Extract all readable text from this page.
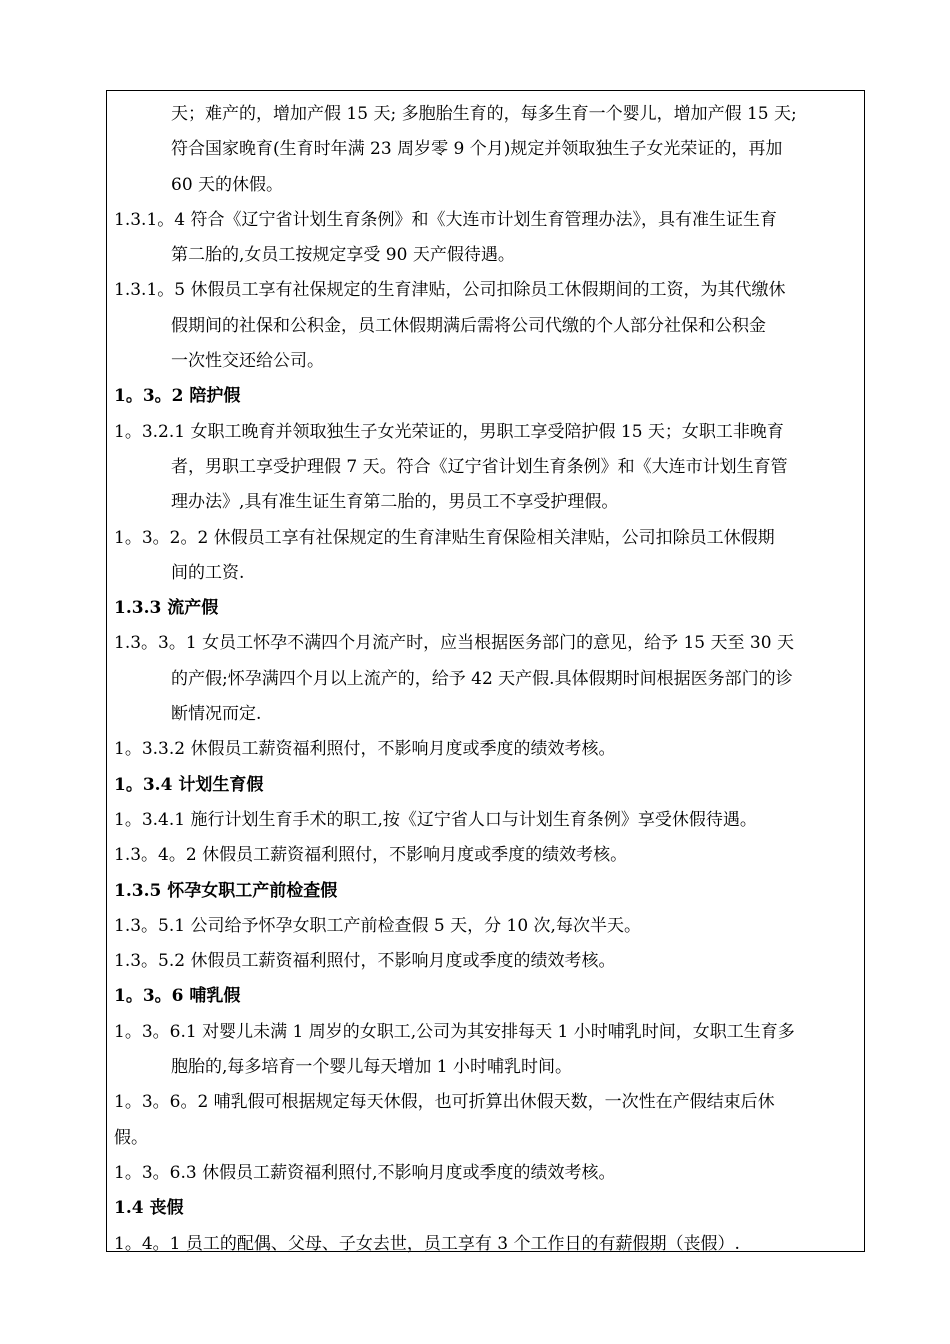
天；难产的，增加产假 15 天; 多胞胎生育的，每多生育一个婴儿，增加产假 15 天;
符合国家晚育(生育时年满 23 周岁零 9 个月)规定并领取独生子女光荣证的，再加
60 天的休假。
1.3.1。4 符合《辽宁省计划生育条例》和《大连市计划生育管理办法》，具有准生证生育
第二胎的,女员工按规定享受 90 天产假待遇。
1.3.1。5 休假员工享有社保规定的生育津贴，公司扣除员工休假期间的工资，为其代缴休
假期间的社保和公积金，员工休假期满后需将公司代缴的个人部分社保和公积金
一次性交还给公司。
1。3。2 陪护假
1。3.2.1 女职工晚育并领取独生子女光荣证的，男职工享受陪护假 15 天；女职工非晚育
者，男职工享受护理假 7 天。符合《辽宁省计划生育条例》和《大连市计划生育管
理办法》,具有准生证生育第二胎的，男员工不享受护理假。
1。3。2。2 休假员工享有社保规定的生育津贴生育保险相关津贴，公司扣除员工休假期
间的工资.
1.3.3 流产假
1.3。3。1 女员工怀孕不满四个月流产时，应当根据医务部门的意见，给予 15 天至 30 天
的产假;怀孕满四个月以上流产的，给予 42 天产假.具体假期时间根据医务部门的诊
断情况而定.
1。3.3.2 休假员工薪资福利照付，不影响月度或季度的绩效考核。
1。3.4 计划生育假
1。3.4.1 施行计划生育手术的职工,按《辽宁省人口与计划生育条例》享受休假待遇。
1.3。4。2 休假员工薪资福利照付，不影响月度或季度的绩效考核。
1.3.5 怀孕女职工产前检查假
1.3。5.1 公司给予怀孕女职工产前检查假 5 天，分 10 次,每次半天。
1.3。5.2 休假员工薪资福利照付，不影响月度或季度的绩效考核。
1。3。6 哺乳假
1。3。6.1 对婴儿未满 1 周岁的女职工,公司为其安排每天 1 小时哺乳时间，女职工生育多
胞胎的,每多培育一个婴儿每天增加 1 小时哺乳时间。
1。3。6。2 哺乳假可根据规定每天休假，也可折算出休假天数，一次性在产假结束后休
假。
1。3。6.3 休假员工薪资福利照付,不影响月度或季度的绩效考核。
1.4 丧假
1。4。1 员工的配偶、父母、子女去世，员工享有 3 个工作日的有薪假期（丧假）.
